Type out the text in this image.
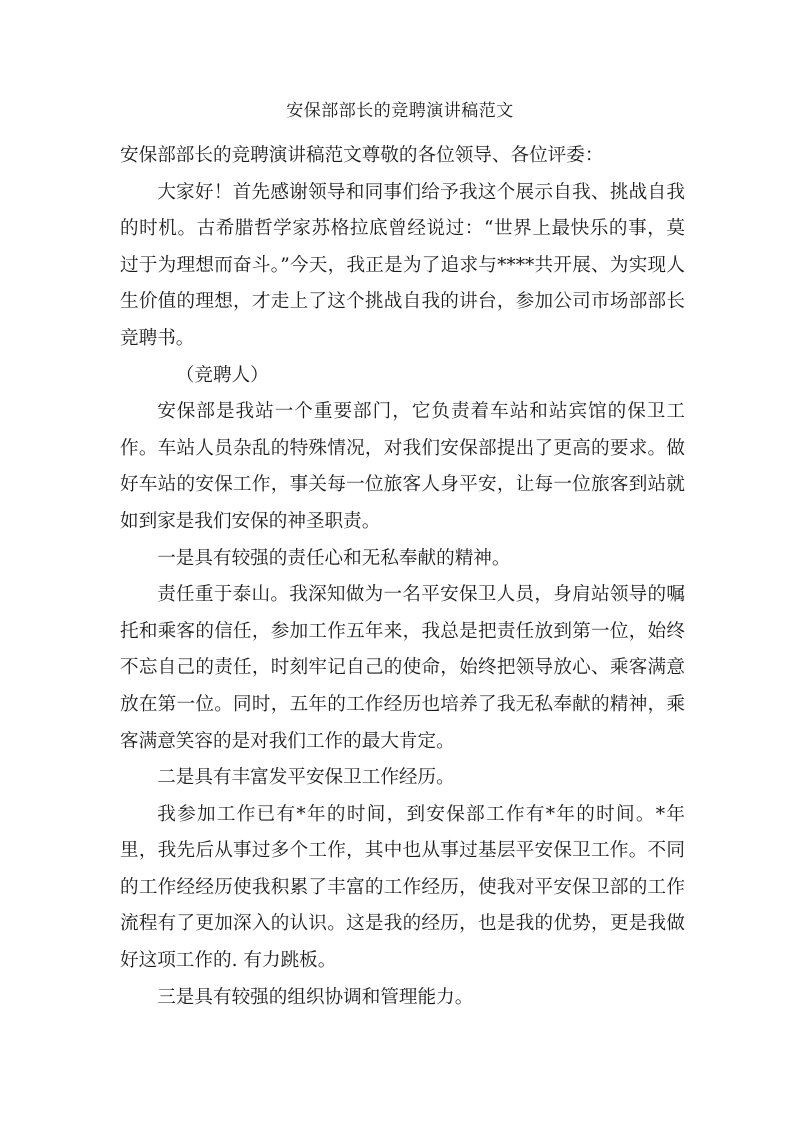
安保部部长的竞聘演讲稿范文

安保部部长的竞聘演讲稿范文尊敬的各位领导、各位评委：

大家好！首先感谢领导和同事们给予我这个展示自我、挑战自我的时机。古希腊哲学家苏格拉底曾经说过：“世界上最快乐的事，莫过于为理想而奋斗。”今天，我正是为了追求与****共开展、为实现人生价值的理想，才走上了这个挑战自我的讲台，参加公司市场部部长竞聘书。

（竞聘人）

安保部是我站一个重要部门，它负责着车站和站宾馆的保卫工作。车站人员杂乱的特殊情况，对我们安保部提出了更高的要求。做好车站的安保工作，事关每一位旅客人身平安，让每一位旅客到站就如到家是我们安保的神圣职责。

一是具有较强的责任心和无私奉献的精神。

责任重于泰山。我深知做为一名平安保卫人员，身肩站领导的嘱托和乘客的信任，参加工作五年来，我总是把责任放到第一位，始终不忘自己的责任，时刻牢记自己的使命，始终把领导放心、乘客满意放在第一位。同时，五年的工作经历也培养了我无私奉献的精神，乘客满意笑容的是对我们工作的最大肯定。

二是具有丰富发平安保卫工作经历。

我参加工作已有*年的时间，到安保部工作有*年的时间。*年里，我先后从事过多个工作，其中也从事过基层平安保卫工作。不同的工作经经历使我积累了丰富的工作经历，使我对平安保卫部的工作流程有了更加深入的认识。这是我的经历，也是我的优势，更是我做好这项工作的. 有力跳板。

三是具有较强的组织协调和管理能力。
